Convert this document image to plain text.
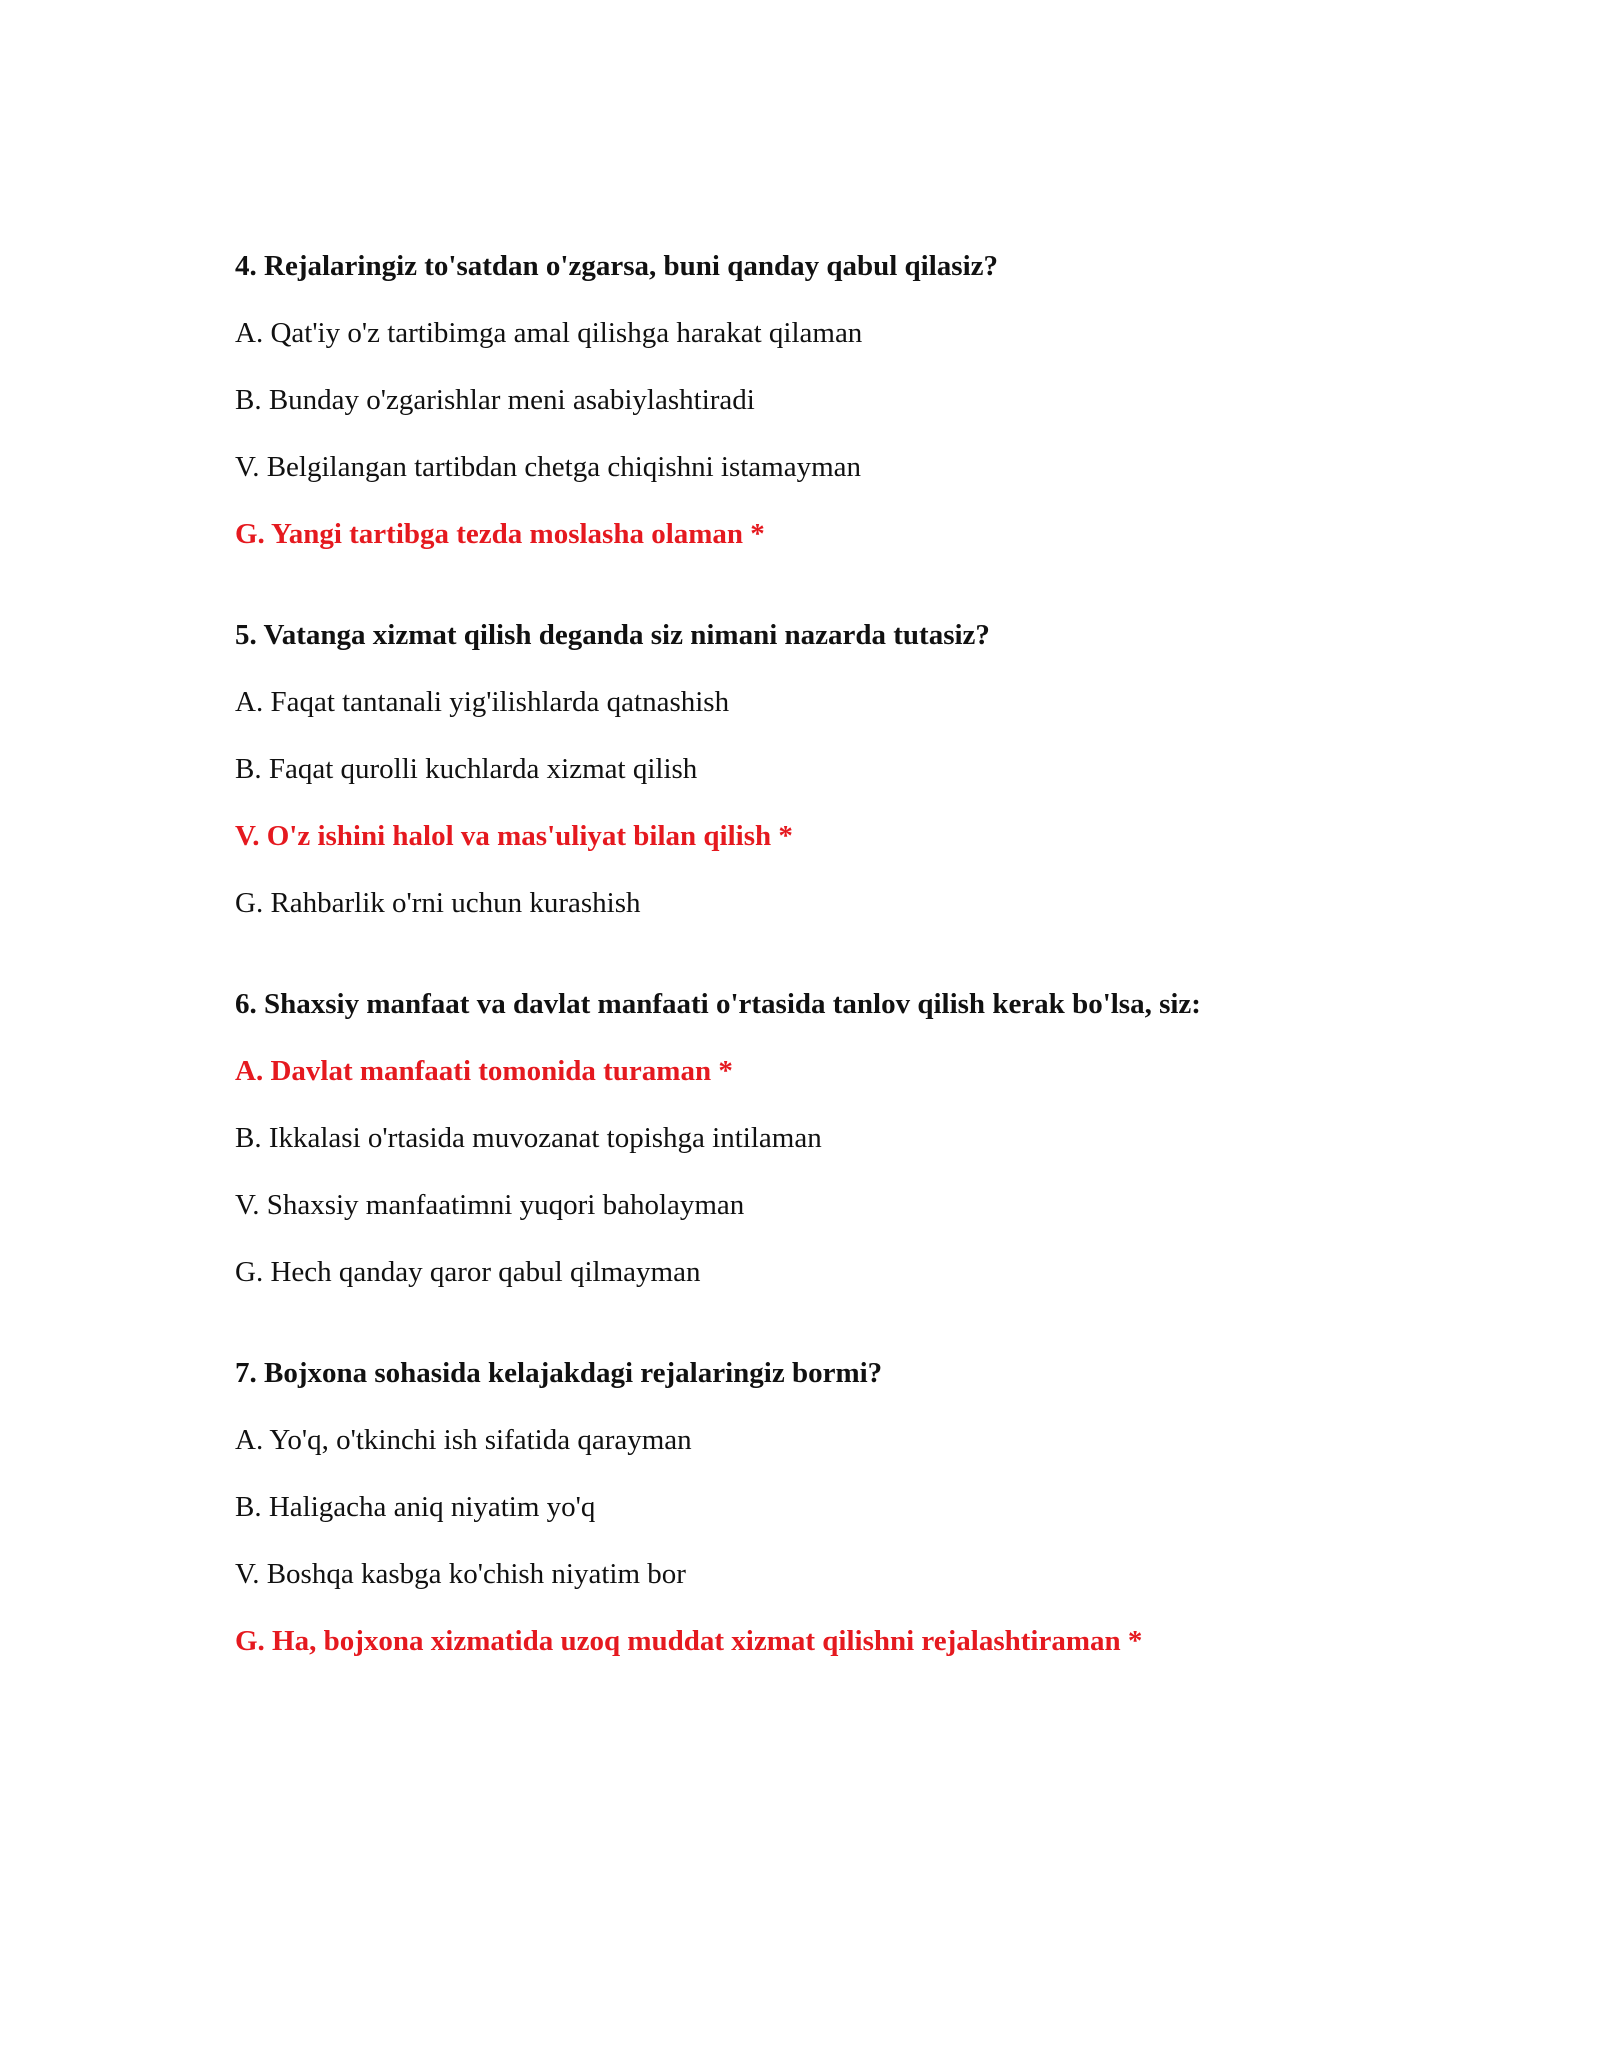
4. Rejalaringiz to'satdan o'zgarsa, buni qanday qabul qilasiz?
A. Qat'iy o'z tartibimga amal qilishga harakat qilaman
B. Bunday o'zgarishlar meni asabiylashtiradi
V. Belgilangan tartibdan chetga chiqishni istamayman
G. Yangi tartibga tezda moslasha olaman *
5. Vatanga xizmat qilish deganda siz nimani nazarda tutasiz?
A. Faqat tantanali yig'ilishlarda qatnashish
B. Faqat qurolli kuchlarda xizmat qilish
V. O'z ishini halol va mas'uliyat bilan qilish *
G. Rahbarlik o'rni uchun kurashish
6. Shaxsiy manfaat va davlat manfaati o'rtasida tanlov qilish kerak bo'lsa, siz:
A. Davlat manfaati tomonida turaman *
B. Ikkalasi o'rtasida muvozanat topishga intilaman
V. Shaxsiy manfaatimni yuqori baholayman
G. Hech qanday qaror qabul qilmayman
7. Bojxona sohasida kelajakdagi rejalaringiz bormi?
A. Yo'q, o'tkinchi ish sifatida qarayman
B. Haligacha aniq niyatim yo'q
V. Boshqa kasbga ko'chish niyatim bor
G. Ha, bojxona xizmatida uzoq muddat xizmat qilishni rejalashtiraman *
